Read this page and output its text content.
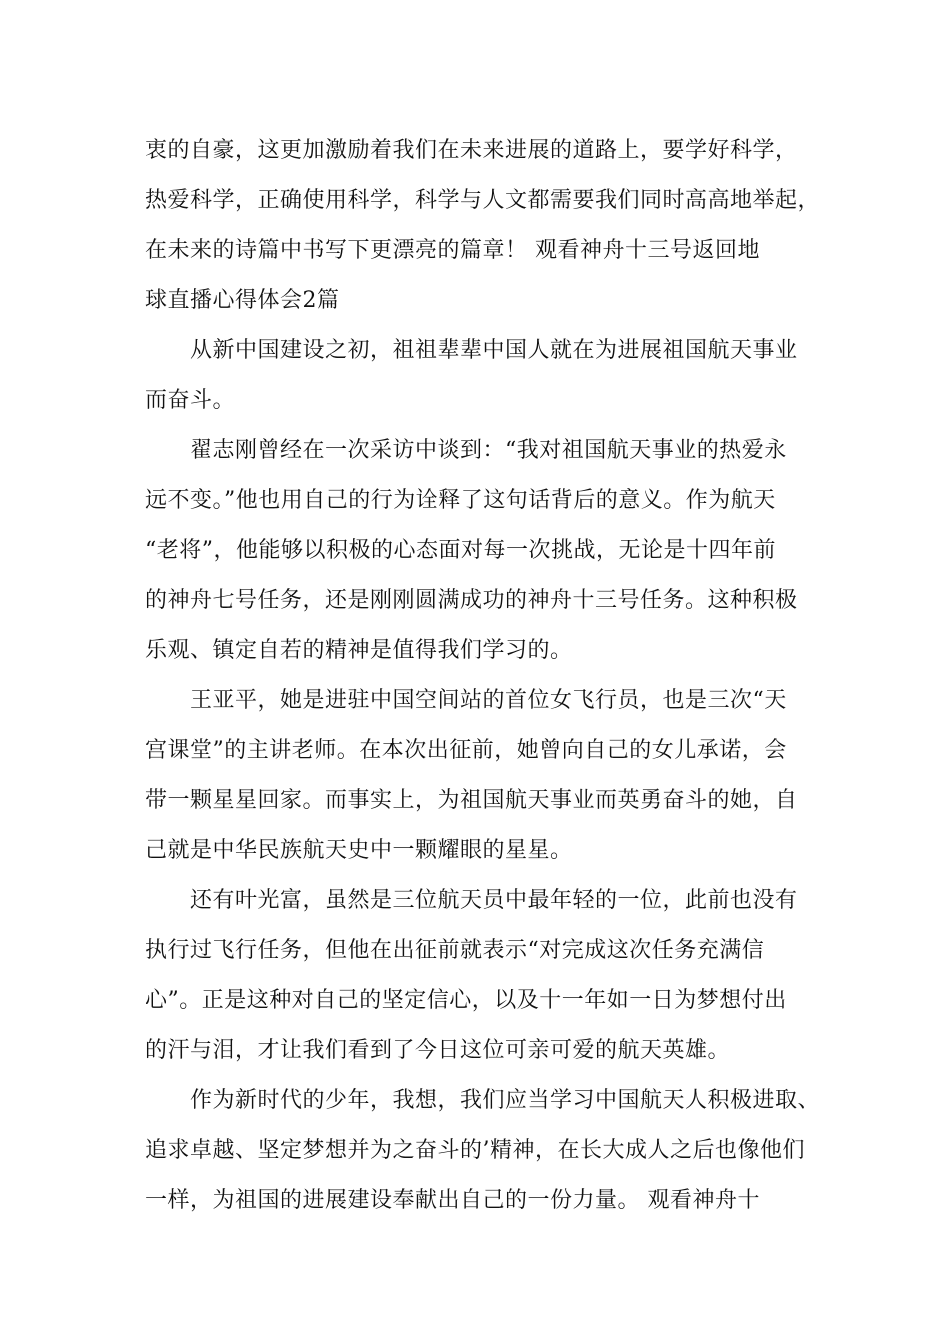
衷的自豪，这更加激励着我们在未来进展的道路上，要学好科学，
热爱科学，正确使用科学，科学与人文都需要我们同时高高地举起，
在未来的诗篇中书写下更漂亮的篇章！ 观看神舟十三号返回地
球直播心得体会2篇
从新中国建设之初，祖祖辈辈中国人就在为进展祖国航天事业
而奋斗。
翟志刚曾经在一次采访中谈到：“我对祖国航天事业的热爱永
远不变。”他也用自己的行为诠释了这句话背后的意义。作为航天
“老将”，他能够以积极的心态面对每一次挑战，无论是十四年前
的神舟七号任务，还是刚刚圆满成功的神舟十三号任务。这种积极
乐观、镇定自若的精神是值得我们学习的。
王亚平，她是进驻中国空间站的首位女飞行员，也是三次“天
宫课堂”的主讲老师。在本次出征前，她曾向自己的女儿承诺，会
带一颗星星回家。而事实上，为祖国航天事业而英勇奋斗的她，自
己就是中华民族航天史中一颗耀眼的星星。
还有叶光富，虽然是三位航天员中最年轻的一位，此前也没有
执行过飞行任务，但他在出征前就表示“对完成这次任务充满信
心”。正是这种对自己的坚定信心，以及十一年如一日为梦想付出
的汗与泪，才让我们看到了今日这位可亲可爱的航天英雄。
作为新时代的少年，我想，我们应当学习中国航天人积极进取、
追求卓越、坚定梦想并为之奋斗的’精神，在长大成人之后也像他们
一样，为祖国的进展建设奉献出自己的一份力量。 观看神舟十
